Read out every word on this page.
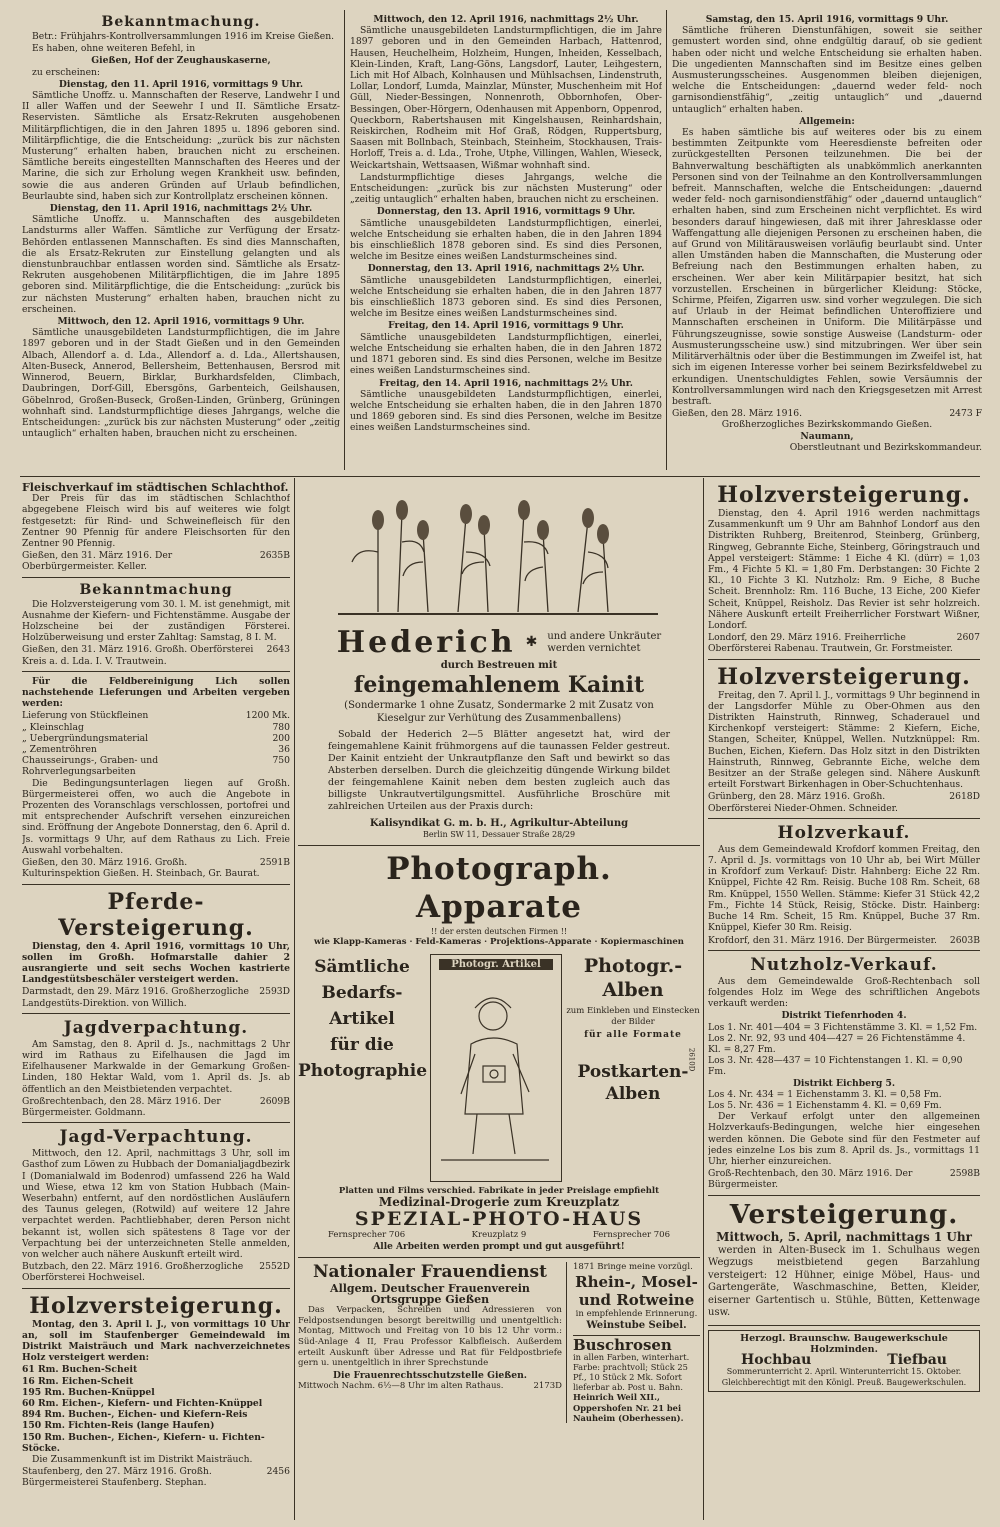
Bekanntmachung.

Betr.: Frühjahrs-Kontrollversammlungen 1916 im Kreise Gießen.

Es haben, ohne weiteren Befehl, in

Gießen, Hof der Zeughauskaserne,

zu erscheinen:

Dienstag, den 11. April 1916, vormittags 9 Uhr.

Sämtliche Unoffz. u. Mannschaften der Reserve, Landwehr I und II aller Waffen und der Seewehr I und II. Sämtliche Ersatz-Reservisten. Sämtliche als Ersatz-Rekruten ausgehobenen Militärpflichtigen, die in den Jahren 1895 u. 1896 geboren sind. Militärpflichtige, die die Entscheidung: „zurück bis zur nächsten Musterung“ erhalten haben, brauchen nicht zu erscheinen. Sämtliche bereits eingestellten Mannschaften des Heeres und der Marine, die sich zur Erholung wegen Krankheit usw. befinden, sowie die aus anderen Gründen auf Urlaub befindlichen, Beurlaubte sind, haben sich zur Kontrollplatz erscheinen können.

Dienstag, den 11. April 1916, nachmittags 2½ Uhr.

Sämtliche Unoffz. u. Mannschaften des ausgebildeten Landsturms aller Waffen. Sämtliche zur Verfügung der Ersatz-Behörden entlassenen Mannschaften. Es sind dies Mannschaften, die als Ersatz-Rekruten zur Einstellung gelangten und als dienstunbrauchbar entlassen worden sind. Sämtliche als Ersatz-Rekruten ausgehobenen Militärpflichtigen, die im Jahre 1895 geboren sind. Militärpflichtige, die die Entscheidung: „zurück bis zur nächsten Musterung“ erhalten haben, brauchen nicht zu erscheinen.

Mittwoch, den 12. April 1916, vormittags 9 Uhr.

Sämtliche unausgebildeten Landsturmpflichtigen, die im Jahre 1897 geboren und in der Stadt Gießen und in den Gemeinden Albach, Allendorf a. d. Lda., Allendorf a. d. Lda., Allertshausen, Alten-Buseck, Annerod, Bellersheim, Bettenhausen, Bersrod mit Winnerod, Beuern, Birklar, Burkhardsfelden, Climbach, Daubringen, Dorf-Gill, Ebersgöns, Garbenteich, Geilshausen, Göbelnrod, Großen-Buseck, Großen-Linden, Grünberg, Grüningen wohnhaft sind. Landsturmpflichtige dieses Jahrgangs, welche die Entscheidungen: „zurück bis zur nächsten Musterung“ oder „zeitig untauglich“ erhalten haben, brauchen nicht zu erscheinen.

Mittwoch, den 12. April 1916, nachmittags 2½ Uhr.

Sämtliche unausgebildeten Landsturmpflichtigen, die im Jahre 1897 geboren und in den Gemeinden Harbach, Hattenrod, Hausen, Heuchelheim, Holzheim, Hungen, Inheiden, Kesselbach, Klein-Linden, Kraft, Lang-Göns, Langsdorf, Lauter, Leihgestern, Lich mit Hof Albach, Kolnhausen und Mühlsachsen, Lindenstruth, Lollar, Londorf, Lumda, Mainzlar, Münster, Muschenheim mit Hof Güll, Nieder-Bessingen, Nonnenroth, Obbornhofen, Ober-Bessingen, Ober-Hörgern, Odenhausen mit Appenborn, Oppenrod, Queckborn, Rabertshausen mit Kingelshausen, Reinhardshain, Reiskirchen, Rodheim mit Hof Graß, Rödgen, Ruppertsburg, Saasen mit Bollnbach, Steinbach, Steinheim, Stockhausen, Trais-Horloff, Treis a. d. Lda., Trohe, Utphe, Villingen, Wahlen, Wieseck, Weickartshain, Wettsaasen, Wißmar wohnhaft sind.

Landsturmpflichtige dieses Jahrgangs, welche die Entscheidungen: „zurück bis zur nächsten Musterung“ oder „zeitig untauglich“ erhalten haben, brauchen nicht zu erscheinen.

Donnerstag, den 13. April 1916, vormittags 9 Uhr.

Sämtliche unausgebildeten Landsturmpflichtigen, einerlei, welche Entscheidung sie erhalten haben, die in den Jahren 1894 bis einschließlich 1878 geboren sind. Es sind dies Personen, welche im Besitze eines weißen Landsturmscheines sind.

Donnerstag, den 13. April 1916, nachmittags 2½ Uhr.

Sämtliche unausgebildeten Landsturmpflichtigen, einerlei, welche Entscheidung sie erhalten haben, die in den Jahren 1877 bis einschließlich 1873 geboren sind. Es sind dies Personen, welche im Besitze eines weißen Landsturmscheines sind.

Freitag, den 14. April 1916, vormittags 9 Uhr.

Sämtliche unausgebildeten Landsturmpflichtigen, einerlei, welche Entscheidung sie erhalten haben, die in den Jahren 1872 und 1871 geboren sind. Es sind dies Personen, welche im Besitze eines weißen Landsturmscheines sind.

Freitag, den 14. April 1916, nachmittags 2½ Uhr.

Sämtliche unausgebildeten Landsturmpflichtigen, einerlei, welche Entscheidung sie erhalten haben, die in den Jahren 1870 und 1869 geboren sind. Es sind dies Personen, welche im Besitze eines weißen Landsturmscheines sind.

Samstag, den 15. April 1916, vormittags 9 Uhr.

Sämtliche früheren Dienstunfähigen, soweit sie seither gemustert worden sind, ohne endgültig darauf, ob sie gedient haben oder nicht und welche Entscheidung sie erhalten haben. Die ungedienten Mannschaften sind im Besitze eines gelben Ausmusterungsscheines. Ausgenommen bleiben diejenigen, welche die Entscheidungen: „dauernd weder feld- noch garnisondienstfähig“, „zeitig untauglich“ und „dauernd untauglich“ erhalten haben.

Allgemein:

Es haben sämtliche bis auf weiteres oder bis zu einem bestimmten Zeitpunkte vom Heeresdienste befreiten oder zurückgestellten Personen teilzunehmen. Die bei der Bahnverwaltung beschäftigten als unabkömmlich anerkannten Personen sind von der Teilnahme an den Kontrollversammlungen befreit. Mannschaften, welche die Entscheidungen: „dauernd weder feld- noch garnisondienstfähig“ oder „dauernd untauglich“ erhalten haben, sind zum Erscheinen nicht verpflichtet. Es wird besonders darauf hingewiesen, daß mit ihrer Jahresklasse oder Waffengattung alle diejenigen Personen zu erscheinen haben, die auf Grund von Militärausweisen vorläufig beurlaubt sind. Unter allen Umständen haben die Mannschaften, die Musterung oder Befreiung nach den Bestimmungen erhalten haben, zu erscheinen. Wer aber kein Militärpapier besitzt, hat sich vorzustellen. Erscheinen in bürgerlicher Kleidung: Stöcke, Schirme, Pfeifen, Zigarren usw. sind vorher wegzulegen. Die sich auf Urlaub in der Heimat befindlichen Unteroffiziere und Mannschaften erscheinen in Uniform. Die Militärpässe und Führungszeugnisse, sowie sonstige Ausweise (Landsturm- oder Ausmusterungsscheine usw.) sind mitzubringen. Wer über sein Militärverhältnis oder über die Bestimmungen im Zweifel ist, hat sich im eigenen Interesse vorher bei seinem Bezirksfeldwebel zu erkundigen. Unentschuldigtes Fehlen, sowie Versäumnis der Kontrollversammlungen wird nach den Kriegsgesetzen mit Arrest bestraft.

Gießen, den 28. März 1916.	2473 F
Großherzogliches Bezirkskommando Gießen.
Naumann,
Oberstleutnant und Bezirkskommandeur.
Fleischverkauf im städtischen Schlachthof.

Der Preis für das im städtischen Schlachthof abgegebene Fleisch wird bis auf weiteres wie folgt festgesetzt: für Rind- und Schweinefleisch für den Zentner 90 Pfennig für andere Fleischsorten für den Zentner 90 Pfennig.

Gießen, den 31. März 1916. Der Oberbürgermeister. Keller.
2635B
Bekanntmachung

Die Holzversteigerung vom 30. l. M. ist genehmigt, mit Ausnahme der Kiefern- und Fichtenstämme. Ausgabe der Holzscheine bei der zuständigen Försterei. Holzüberweisung und erster Zahltag: Samstag, 8 I. M.

Gießen, den 31. März 1916. Großh. Oberförsterei Kreis a. d. Lda. I. V. Trautwein.
2643

Für die Feldbereinigung Lich sollen nachstehende Lieferungen und Arbeiten vergeben werden:

Lieferung von Stückfleinen	1200 Mk.
„ Kleinschlag	780
„ Uebergründungsmaterial	200
„ Zementröhren	36
Chausseirungs-, Graben- und Rohrverlegungsarbeiten
750

Die Bedingungsunterlagen liegen auf Großh. Bürgermeisterei offen, wo auch die Angebote in Prozenten des Voranschlags verschlossen, portofrei und mit entsprechender Aufschrift versehen einzureichen sind. Eröffnung der Angebote Donnerstag, den 6. April d. Js. vormittags 9 Uhr, auf dem Rathaus zu Lich. Freie Auswahl vorbehalten.

Gießen, den 30. März 1916. Großh. Kulturinspektion Gießen. H. Steinbach, Gr. Baurat.
2591B
Pferde-Versteigerung.

Dienstag, den 4. April 1916, vormittags 10 Uhr, sollen im Großh. Hofmarstalle dahier 2 ausrangierte und seit sechs Wochen kastrierte Landgestütsbeschäler versteigert werden.

Darmstadt, den 29. März 1916. Großherzogliche Landgestüts-Direktion. von Willich.
2593D
Jagdverpachtung.

Am Samstag, den 8. April d. Js., nachmittags 2 Uhr wird im Rathaus zu Eifelhausen die Jagd im Eifelhausener Markwalde in der Gemarkung Großen-Linden, 180 Hektar Wald, vom 1. April ds. Js. ab öffentlich an den Meistbietenden verpachtet.

Großrechtenbach, den 28. März 1916. Der Bürgermeister. Goldmann.
2609B
Jagd-Verpachtung.

Mittwoch, den 12. April, nachmittags 3 Uhr, soll im Gasthof zum Löwen zu Hubbach der Domanialjagdbezirk I (Domanialwald im Bodenrod) umfassend 226 ha Wald und Wiese, etwa 12 km von Station Hubbach (Main-Weserbahn) entfernt, auf den nordöstlichen Ausläufern des Taunus gelegen, (Rotwild) auf weitere 12 Jahre verpachtet werden. Pachtliebhaber, deren Person nicht bekannt ist, wollen sich spätestens 8 Tage vor der Verpachtung bei der unterzeichneten Stelle anmelden, von welcher auch nähere Auskunft erteilt wird.

Butzbach, den 22. März 1916. Großherzogliche Oberförsterei Hochweisel.
2552D
Holzversteigerung.

Montag, den 3. April l. J., von vormittags 10 Uhr an, soll im Staufenberger Gemeindewald im Distrikt Maisträuch und Mark nachverzeichnetes Holz versteigert werden:

61 Rm. Buchen-Scheit
16 Rm. Eichen-Scheit
195 Rm. Buchen-Knüppel
60 Rm. Eichen-, Kiefern- und Fichten-Knüppel
894 Rm. Buchen-, Eichen- und Kiefern-Reis
150 Rm. Fichten-Reis (lange Haufen)
150 Rm. Buchen-, Eichen-, Kiefern- u. Fichten-Stöcke.

Die Zusammenkunft ist im Distrikt Maisträuch.

Staufenberg, den 27. März 1916. Großh. Bürgermeisterei Staufenberg. Stephan.
2456
Hederich ✱ und andere Unkräuter
werden vernichtet
durch Bestreuen mit
feingemahlenem Kainit
(Sondermarke 1 ohne Zusatz, Sondermarke 2 mit Zusatz von Kieselgur zur Verhütung des Zusammenballens)

Sobald der Hederich 2—5 Blätter angesetzt hat, wird der feingemahlene Kainit frühmorgens auf die taunassen Felder gestreut. Der Kainit entzieht der Unkrautpflanze den Saft und bewirkt so das Absterben derselben. Durch die gleichzeitig düngende Wirkung bildet der feingemahlene Kainit neben dem besten zugleich auch das billigste Unkrautvertilgungsmittel. Ausführliche Broschüre mit zahlreichen Urteilen aus der Praxis durch:

Kalisyndikat G. m. b. H., Agrikultur-Abteilung
Berlin SW 11, Dessauer Straße 28/29
Photograph. Apparate
!! der ersten deutschen Firmen !!
wie Klapp-Kameras · Feld-Kameras · Projektions-Apparate · Kopiermaschinen
Sämtliche
Bedarfs-
Artikel
für die
Photographie
Photogr. Artikel	Photogr.-
Alben
zum Einkleben und Einstecken der Bilder
für alle Formate
Postkarten-
Alben
2610D
Platten und Films verschied. Fabrikate in jeder Preislage empfiehlt
Medizinal-Drogerie zum Kreuzplatz
SPEZIAL-PHOTO-HAUS
Fernsprecher 706	Kreuzplatz 9	Fernsprecher 706
Alle Arbeiten werden prompt und gut ausgeführt!
Nationaler Frauendienst
Allgem. Deutscher Frauenverein
Ortsgruppe Gießen

Das Verpacken, Schreiben und Adressieren von Feldpostsendungen besorgt bereitwillig und unentgeltlich: Montag, Mittwoch und Freitag von 10 bis 12 Uhr vorm.: Süd-Anlage 4 II, Frau Professor Kalbfleisch. Außerdem erteilt Auskunft über Adresse und Rat für Feldpostbriefe gern u. unentgeltlich in ihrer Sprechstunde

Die Frauenrechtsschutzstelle Gießen.
Mittwoch Nachm. 6½—8 Uhr im alten Rathaus.	2173D
1871 Bringe meine vorzügl.
Rhein-, Mosel-
und Rotweine
in empfehlende Erinnerung.
Weinstube Seibel.
Buschrosen

in allen Farben, winterhart. Farbe: prachtvoll; Stück 25 Pf., 10 Stück 2 Mk. Sofort lieferbar ab. Post u. Bahn.

Heinrich Weil XII., Oppershofen Nr. 21 bei Nauheim (Oberhessen).

Holzversteigerung.

Dienstag, den 4. April 1916 werden nachmittags Zusammenkunft um 9 Uhr am Bahnhof Londorf aus den Distrikten Ruhberg, Breitenrod, Steinberg, Grünberg, Ringweg, Gebrannte Eiche, Steinberg, Göringstrauch und Appel versteigert: Stämme: 1 Eiche 4 Kl. (dürr) = 1,03 Fm., 4 Fichte 5 Kl. = 1,80 Fm. Derbstangen: 30 Fichte 2 Kl., 10 Fichte 3 Kl. Nutzholz: Rm. 9 Eiche, 8 Buche Scheit. Brennholz: Rm. 116 Buche, 13 Eiche, 200 Kiefer Scheit, Knüppel, Reisholz. Das Revier ist sehr holzreich. Nähere Auskunft erteilt Freiherrlicher Forstwart Wißner, Londorf.

Londorf, den 29. März 1916. Freiherrliche Oberförsterei Rabenau. Trautwein, Gr. Forstmeister.
2607
Holzversteigerung.

Freitag, den 7. April l. J., vormittags 9 Uhr beginnend in der Langsdorfer Mühle zu Ober-Ohmen aus den Distrikten Hainstruth, Rinnweg, Schaderauel und Kirchenkopf versteigert: Stämme: 2 Kiefern, Eiche, Stangen, Scheiter, Knüppel, Wellen. Nutzknüppel: Rm. Buchen, Eichen, Kiefern. Das Holz sitzt in den Distrikten Hainstruth, Rinnweg, Gebrannte Eiche, welche dem Besitzer an der Straße gelegen sind. Nähere Auskunft erteilt Forstwart Birkenhagen in Ober-Schuchtenhaus.

Grünberg, den 28. März 1916. Großh. Oberförsterei Nieder-Ohmen. Schneider.
2618D
Holzverkauf.

Aus dem Gemeindewald Krofdorf kommen Freitag, den 7. April d. Js. vormittags von 10 Uhr ab, bei Wirt Müller in Krofdorf zum Verkauf: Distr. Hahnberg: Eiche 22 Rm. Knüppel, Fichte 42 Rm. Reisig. Buche 108 Rm. Scheit, 68 Rm. Knüppel, 1550 Wellen. Stämme: Kiefer 31 Stück 42,2 Fm., Fichte 14 Stück, Reisig, Stöcke. Distr. Hainberg: Buche 14 Rm. Scheit, 15 Rm. Knüppel, Buche 37 Rm. Knüppel, Kiefer 30 Rm. Reisig.

Krofdorf, den 31. März 1916. Der Bürgermeister. 2603B
Nutzholz-Verkauf.

Aus dem Gemeindewalde Groß-Rechtenbach soll folgendes Holz im Wege des schriftlichen Angebots verkauft werden:

Distrikt Tiefenrhoden 4.
Los 1. Nr. 401—404 = 3 Fichtenstämme 3. Kl. = 1,52 Fm.
Los 2. Nr. 92, 93 und 404—427 = 26 Fichtenstämme 4. Kl. = 8,27 Fm.
Los 3. Nr. 428—437 = 10 Fichtenstangen 1. Kl. = 0,90 Fm.
Distrikt Eichberg 5.
Los 4. Nr. 434 = 1 Eichenstamm 3. Kl. = 0,58 Fm.
Los 5. Nr. 436 = 1 Eichenstamm 4. Kl. = 0,69 Fm.

Der Verkauf erfolgt unter den allgemeinen Holzverkaufs-Bedingungen, welche hier eingesehen werden können. Die Gebote sind für den Festmeter auf jedes einzelne Los bis zum 8. April ds. Js., vormittags 11 Uhr, hierher einzureichen.

Groß-Rechtenbach, den 30. März 1916. Der Bürgermeister.
2598B
Versteigerung.
Mittwoch, 5. April, nachmittags 1 Uhr

werden in Alten-Buseck im 1. Schulhaus wegen Wegzugs meistbietend gegen Barzahlung versteigert: 12 Hühner, einige Möbel, Haus- und Gartengeräte, Waschmaschine, Betten, Kleider, eiserner Gartentisch u. Stühle, Bütten, Kettenwage usw.

Herzogl. Braunschw. Baugewerkschule Holzminden.
Hochbau	Tiefbau
Sommerunterricht 2. April. Winterunterricht 15. Oktober.
Gleichberechtigt mit den Königl. Preuß. Baugewerkschulen.
